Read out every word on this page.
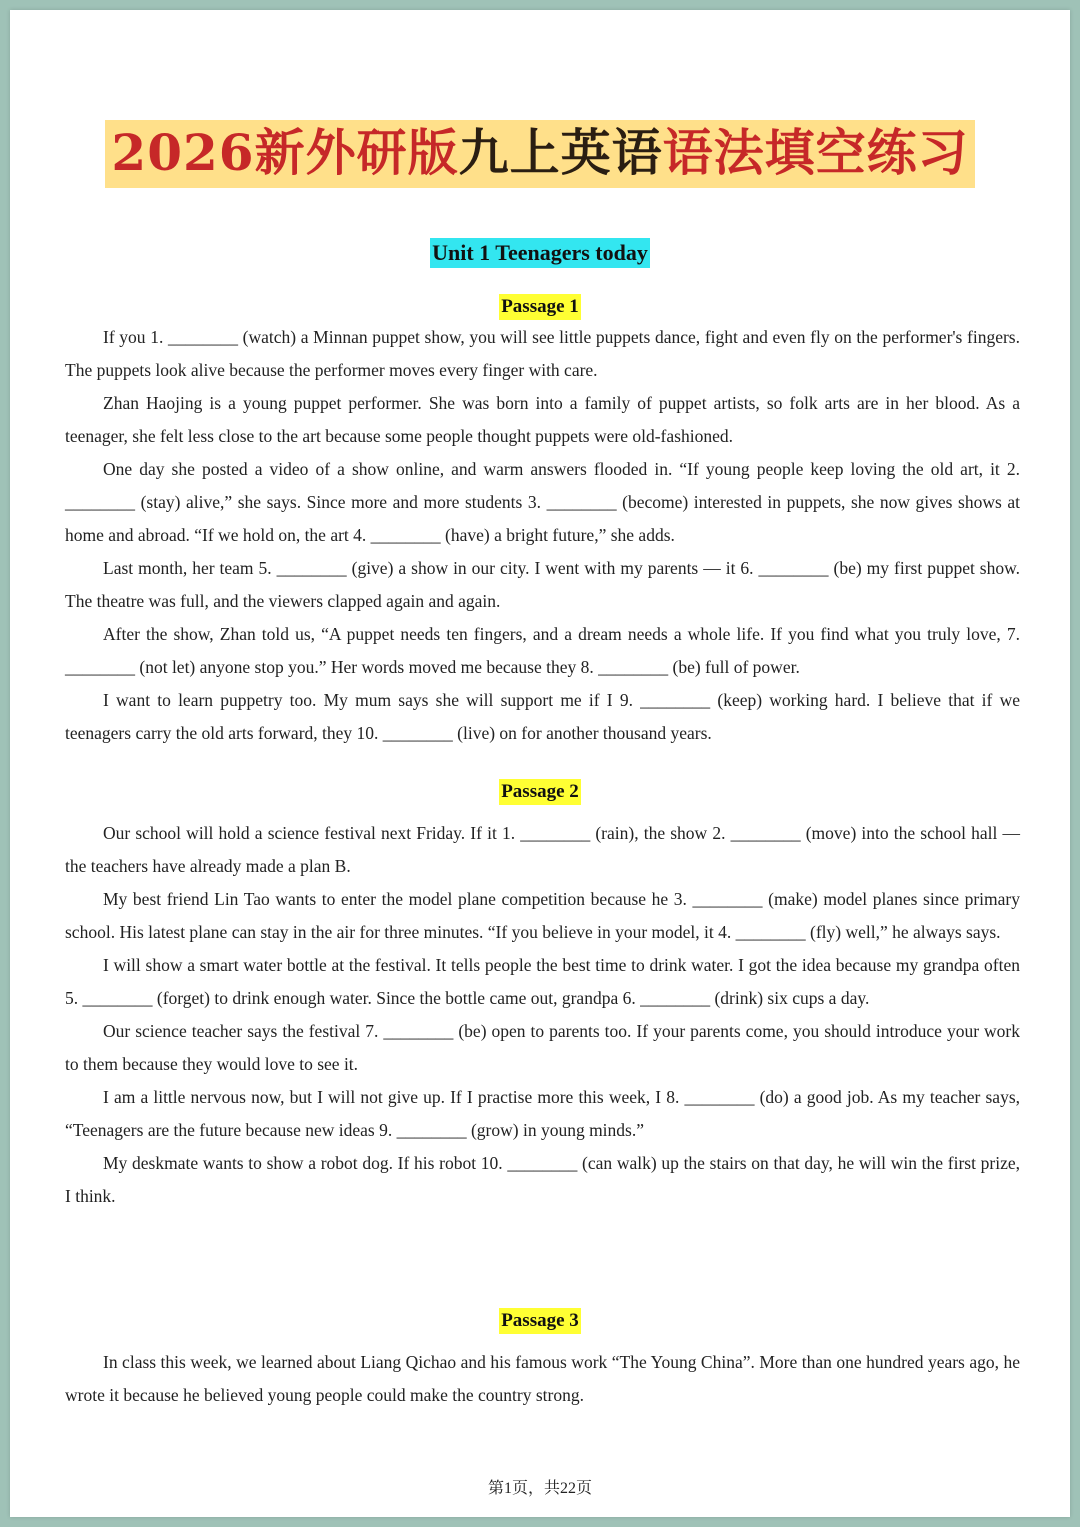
2026新外研版九上英语语法填空练习
Unit 1 Teenagers today
Passage 1

If you 1. ________ (watch) a Minnan puppet show, you will see little puppets dance, fight and even fly on the performer's fingers. The puppets look alive because the performer moves every finger with care.

Zhan Haojing is a young puppet performer. She was born into a family of puppet artists, so folk arts are in her blood. As a teenager, she felt less close to the art because some people thought puppets were old-fashioned.

One day she posted a video of a show online, and warm answers flooded in. “If young people keep loving the old art, it 2. ________ (stay) alive,” she says. Since more and more students 3. ________ (become) interested in puppets, she now gives shows at home and abroad. “If we hold on, the art 4. ________ (have) a bright future,” she adds.

Last month, her team 5. ________ (give) a show in our city. I went with my parents — it 6. ________ (be) my first puppet show. The theatre was full, and the viewers clapped again and again.

After the show, Zhan told us, “A puppet needs ten fingers, and a dream needs a whole life. If you find what you truly love, 7. ________ (not let) anyone stop you.” Her words moved me because they 8. ________ (be) full of power.

I want to learn puppetry too. My mum says she will support me if I 9. ________ (keep) working hard. I believe that if we teenagers carry the old arts forward, they 10. ________ (live) on for another thousand years.

Passage 2

Our school will hold a science festival next Friday. If it 1. ________ (rain), the show 2. ________ (move) into the school hall — the teachers have already made a plan B.

My best friend Lin Tao wants to enter the model plane competition because he 3. ________ (make) model planes since primary school. His latest plane can stay in the air for three minutes. “If you believe in your model, it 4. ________ (fly) well,” he always says.

I will show a smart water bottle at the festival. It tells people the best time to drink water. I got the idea because my grandpa often 5. ________ (forget) to drink enough water. Since the bottle came out, grandpa 6. ________ (drink) six cups a day.

Our science teacher says the festival 7. ________ (be) open to parents too. If your parents come, you should introduce your work to them because they would love to see it.

I am a little nervous now, but I will not give up. If I practise more this week, I 8. ________ (do) a good job. As my teacher says, “Teenagers are the future because new ideas 9. ________ (grow) in young minds.”

My deskmate wants to show a robot dog. If his robot 10. ________ (can walk) up the stairs on that day, he will win the first prize, I think.

Passage 3

In class this week, we learned about Liang Qichao and his famous work “The Young China”. More than one hundred years ago, he wrote it because he believed young people could make the country strong.

第1页，共22页
